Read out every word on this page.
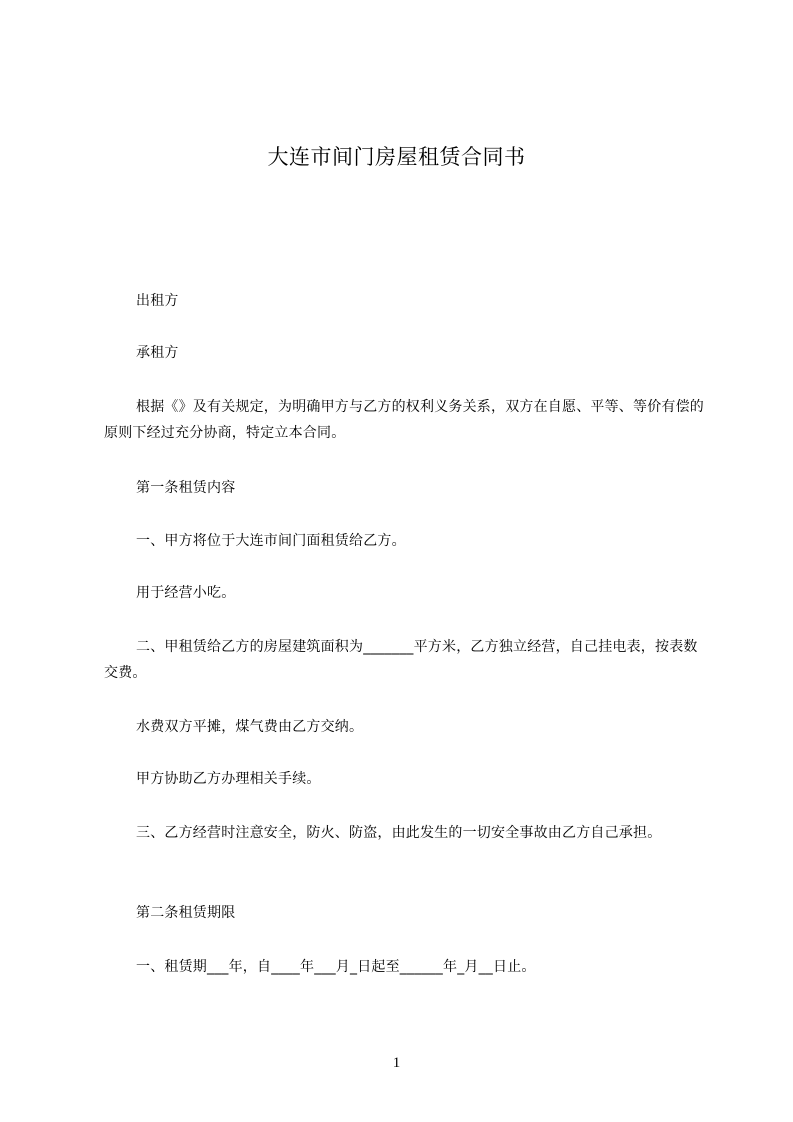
大连市间门房屋租赁合同书
出租方
承租方
根据《》及有关规定，为明确甲方与乙方的权利义务关系，双方在自愿、平等、等价有偿的原则下经过充分协商，特定立本合同。
第一条租赁内容
一、甲方将位于大连市间门面租赁给乙方。
用于经营小吃。
二、甲租赁给乙方的房屋建筑面积为_______平方米，乙方独立经营，自己挂电表，按表数交费。
水费双方平摊，煤气费由乙方交纳。
甲方协助乙方办理相关手续。
三、乙方经营时注意安全，防火、防盗，由此发生的一切安全事故由乙方自己承担。
第二条租赁期限
一、租赁期___年，自____年___月_日起至______年_月__日止。
1
